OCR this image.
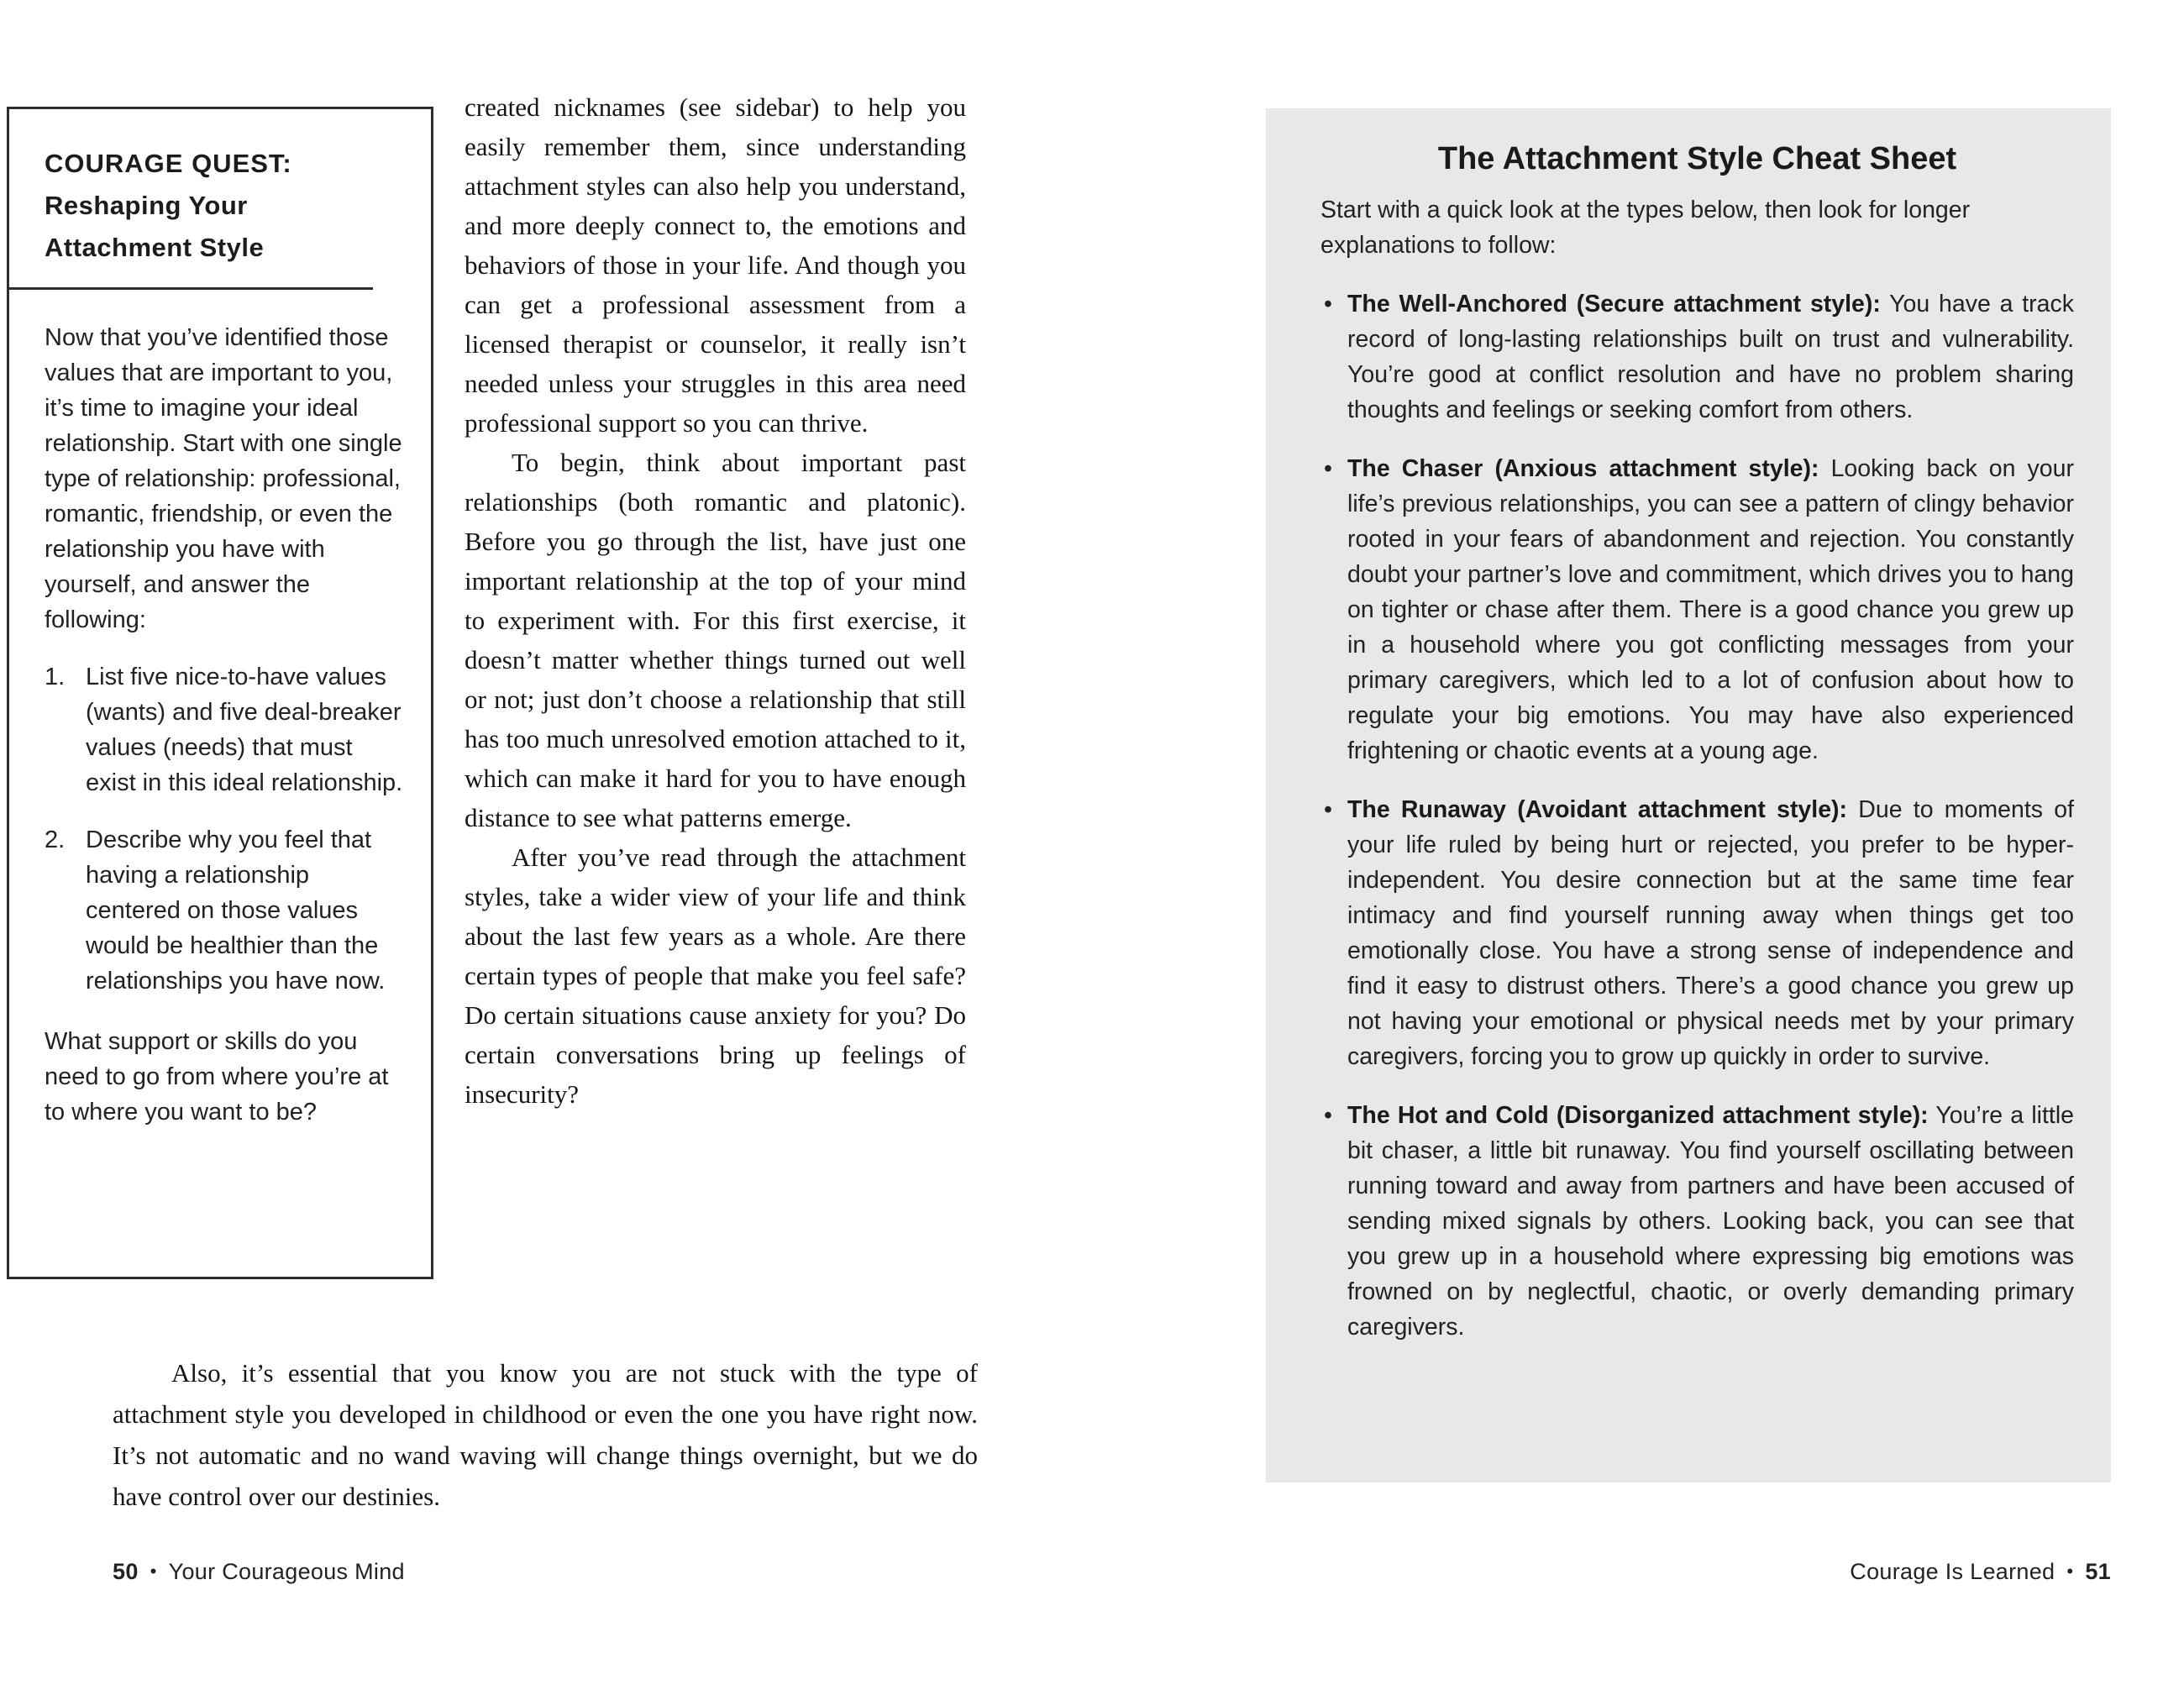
COURAGE QUEST:
Reshaping Your
Attachment Style

Now that you’ve identified those values that are important to you, it’s time to imagine your ideal relationship. Start with one single type of relationship: professional, romantic, friendship, or even the relationship you have with yourself, and answer the following:

1. List five nice-to-have values (wants) and five deal-breaker values (needs) that must exist in this ideal relationship.
2. Describe why you feel that having a relationship centered on those values would be healthier than the relationships you have now.

What support or skills do you need to go from where you’re at to where you want to be?

created nicknames (see sidebar) to help you easily remember them, since understanding attachment styles can also help you understand, and more deeply connect to, the emotions and behaviors of those in your life. And though you can get a professional assessment from a licensed therapist or counselor, it really isn’t needed unless your struggles in this area need professional support so you can thrive.

To begin, think about important past relationships (both romantic and platonic). Before you go through the list, have just one important relationship at the top of your mind to experiment with. For this first exercise, it doesn’t matter whether things turned out well or not; just don’t choose a relationship that still has too much unresolved emotion attached to it, which can make it hard for you to have enough distance to see what patterns emerge.

After you’ve read through the attachment styles, take a wider view of your life and think about the last few years as a whole. Are there certain types of people that make you feel safe? Do certain situations cause anxiety for you? Do certain conversations bring up feelings of insecurity?

Also, it’s essential that you know you are not stuck with the type of attachment style you developed in childhood or even the one you have right now. It’s not automatic and no wand waving will change things overnight, but we do have control over our destinies.

50 • Your Courageous Mind
The Attachment Style Cheat Sheet

Start with a quick look at the types below, then look for longer explanations to follow:

• The Well-Anchored (Secure attachment style): You have a track record of long-lasting relationships built on trust and vulnerability. You’re good at conflict resolution and have no problem sharing thoughts and feelings or seeking comfort from others.
• The Chaser (Anxious attachment style): Looking back on your life’s previous relationships, you can see a pattern of clingy behavior rooted in your fears of abandonment and rejection. You constantly doubt your partner’s love and commitment, which drives you to hang on tighter or chase after them. There is a good chance you grew up in a household where you got conflicting messages from your primary caregivers, which led to a lot of confusion about how to regulate your big emotions. You may have also experienced frightening or chaotic events at a young age.
• The Runaway (Avoidant attachment style): Due to moments of your life ruled by being hurt or rejected, you prefer to be hyper-independent. You desire connection but at the same time fear intimacy and find yourself running away when things get too emotionally close. You have a strong sense of independence and find it easy to distrust others. There’s a good chance you grew up not having your emotional or physical needs met by your primary caregivers, forcing you to grow up quickly in order to survive.
• The Hot and Cold (Disorganized attachment style): You’re a little bit chaser, a little bit runaway. You find yourself oscillating between running toward and away from partners and have been accused of sending mixed signals by others. Looking back, you can see that you grew up in a household where expressing big emotions was frowned on by neglectful, chaotic, or overly demanding primary caregivers.
Courage Is Learned • 51
